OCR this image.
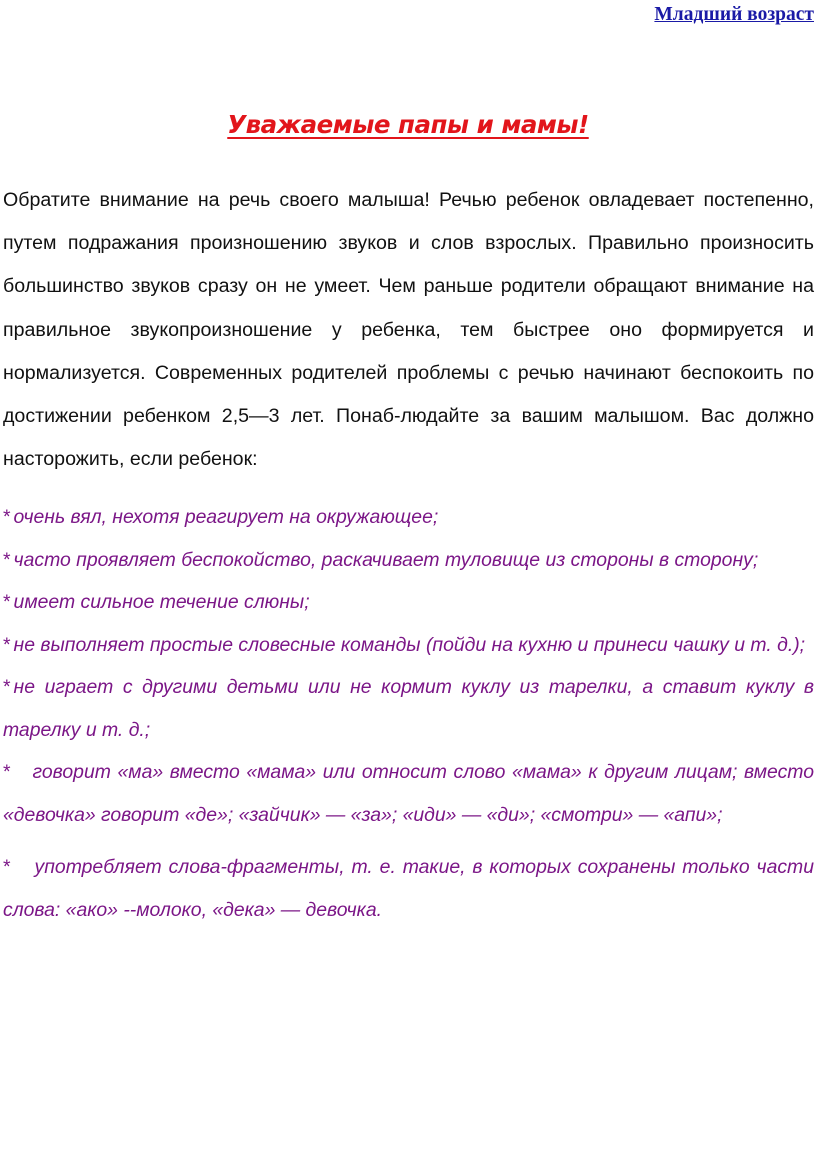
Младший возраст
Уважаемые папы и мамы!

Обратите внимание на речь своего малыша! Речью ребенок овладевает постепенно, путем подражания произношению звуков и слов взрослых. Правильно произносить большинство звуков сразу он не умеет. Чем раньше родители обращают внимание на правильное звукопроизношение у ребенка, тем быстрее оно формируется и нормализуется. Современных родителей проблемы с речью начинают беспокоить по достижении ребенком 2,5—3 лет. Понаб-людайте за вашим малышом. Вас должно насторожить, если ребенок:

* очень вял, нехотя реагирует на окружающее;
* часто проявляет беспокойство, раскачивает туловище из стороны в сторону;
* имеет сильное течение слюны;
* не выполняет простые словесные команды (пойди на кухню и принеси чашку и т. д.);
* не играет с другими детьми или не кормит куклу из тарелки, а ставит куклу в тарелку и т. д.;
* говорит «ма» вместо «мама» или относит слово «мама» к другим лицам; вместо «девочка» говорит «де»; «зайчик» — «за»; «иди» — «ди»; «смотри» — «апи»;
* употребляет слова-фрагменты, т. е. такие, в которых сохранены только части слова: «ако» --молоко, «дека» — девочка.
